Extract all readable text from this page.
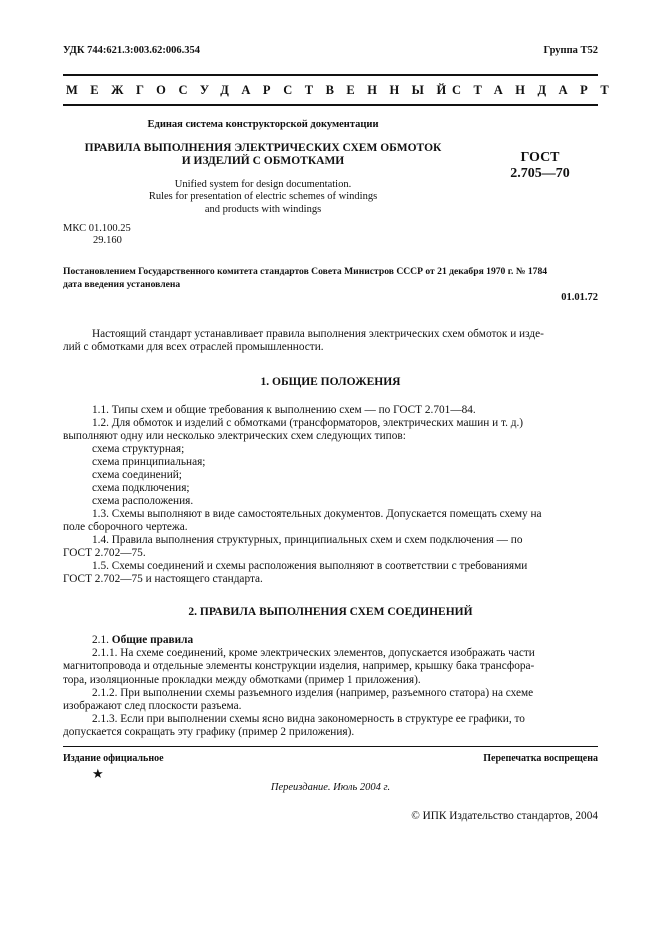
УДК 744:621.3:003.62:006.354	Группа Т52
МЕЖГОСУДАРСТВЕННЫЙ
СТАНДАРТ
Единая система конструкторской документации
ПРАВИЛА ВЫПОЛНЕНИЯ ЭЛЕКТРИЧЕСКИХ СХЕМ ОБМОТОК
И ИЗДЕЛИЙ С ОБМОТКАМИ	ГОСТ
2.705—70
Unified system for design documentation.
Rules for presentation of electric schemes of windings
and products with windings
МКС 01.100.25
29.160
Постановлением Государственного комитета стандартов Совета Министров СССР от 21 декабря 1970 г. № 1784
дата введения установлена
01.01.72
Настоящий стандарт устанавливает правила выполнения электрических схем обмоток и изде-
лий с обмотками для всех отраслей промышленности.
1. ОБЩИЕ ПОЛОЖЕНИЯ
1.1. Типы схем и общие требования к выполнению схем — по ГОСТ 2.701—84.
1.2. Для обмоток и изделий с обмотками (трансформаторов, электрических машин и т. д.)
выполняют одну или несколько электрических схем следующих типов:
схема структурная;
схема принципиальная;
схема соединений;
схема подключения;
схема расположения.
1.3. Схемы выполняют в виде самостоятельных документов. Допускается помещать схему на
поле сборочного чертежа.
1.4. Правила выполнения структурных, принципиальных схем и схем подключения — по
ГОСТ 2.702—75.
1.5. Схемы соединений и схемы расположения выполняют в соответствии с требованиями
ГОСТ 2.702—75 и настоящего стандарта.
2. ПРАВИЛА ВЫПОЛНЕНИЯ СХЕМ СОЕДИНЕНИЙ
2.1. Общие правила
2.1.1. На схеме соединений, кроме электрических элементов, допускается изображать части
магнитопровода и отдельные элементы конструкции изделия, например, крышку бака трансфорa-
тора, изоляционные прокладки между обмотками (пример 1 приложения).
2.1.2. При выполнении схемы разъемного изделия (например, разъемного статора) на схеме
изображают след плоскости разъема.
2.1.3. Если при выполнении схемы ясно видна закономерность в структуре ее графики, то
допускается сокращать эту графику (пример 2 приложения).
Издание официальное	Перепечатка воспрещена
★
Переиздание. Июль 2004 г.
© ИПК Издательство стандартов, 2004
